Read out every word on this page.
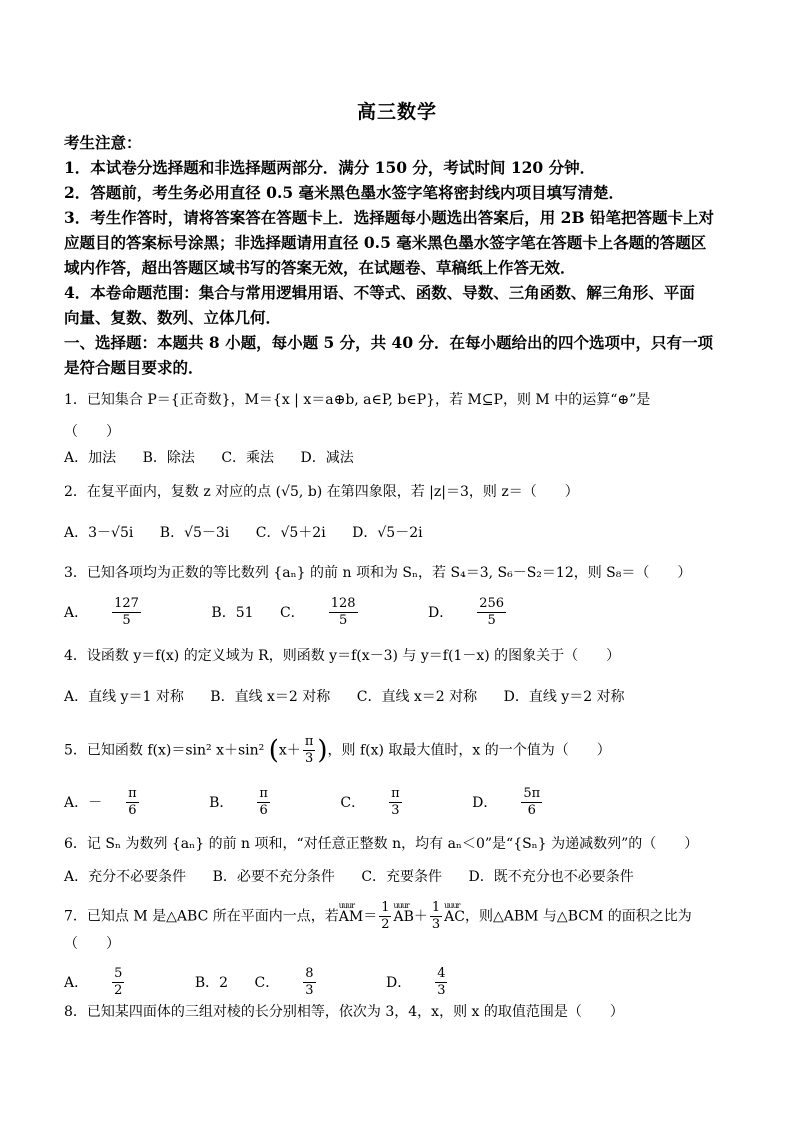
高三数学
考生注意：
1．本试卷分选择题和非选择题两部分．满分 150 分，考试时间 120 分钟．
2．答题前，考生务必用直径 0.5 毫米黑色墨水签字笔将密封线内项目填写清楚．
3．考生作答时，请将答案答在答题卡上．选择题每小题选出答案后，用 2B 铅笔把答题卡上对
应题目的答案标号涂黑；非选择题请用直径 0.5 毫米黑色墨水签字笔在答题卡上各题的答题区
域内作答，超出答题区域书写的答案无效，在试题卷、草稿纸上作答无效．
4．本卷命题范围：集合与常用逻辑用语、不等式、函数、导数、三角函数、解三角形、平面
向量、复数、数列、立体几何．
一、选择题：本题共 8 小题，每小题 5 分，共 40 分．在每小题给出的四个选项中，只有一项
是符合题目要求的．
1．已知集合 P＝{正奇数}，M＝{x | x＝a⊕b, a∈P, b∈P}，若 M⊆P，则 M 中的运算“⊕”是
（　　）
A．加法 B．除法 C．乘法 D．减法
2．在复平面内，复数 z 对应的点 (√5, b) 在第四象限，若 |z|＝3，则 z＝（　　）
A．3－√5i B．√5－3i C．√5＋2i D．√5－2i
3．已知各项均为正数的等比数列 {aₙ} 的前 n 项和为 Sₙ，若 S₄＝3, S₆－S₂＝12，则 S₈＝（　　）
A． $\frac{127}{5}$	B．51 C． $\frac{128}{5}$	D． $\frac{256}{5}$
4．设函数 y＝f(x) 的定义域为 R，则函数 y＝f(x－3) 与 y＝f(1－x) 的图象关于（　　）
A．直线 y＝1 对称 B．直线 x＝2 对称 C．直线 x＝2 对称 D．直线 y＝2 对称
5．已知函数 f(x)＝sin² x＋sin² ($x+ \frac{\pi}{3}$ )，则 f(x) 取最大值时，x 的一个值为（　　）
A．－ $\frac{\pi}{6}$	B． $\frac{\pi}{6}$	C． $\frac{\pi}{3}$	D． $\frac{5\pi}{6}$
6．记 Sₙ 为数列 {aₙ} 的前 n 项和，“对任意正整数 n，均有 aₙ＜0”是“{Sₙ} 为递减数列”的（　　）
A．充分不必要条件 B．必要不充分条件 C．充要条件 D．既不充分也不必要条件
7．已知点 M 是△ABC 所在平面内一点，若uuur $AM= \frac{1}{2}$ uuur $AB+ \frac{1}{3}$ uuur AC，则△ABM 与△BCM 的面积之比为
（　　）
A． $\frac{5}{2}$	B．2 C． $\frac{8}{3}$	D． $\frac{4}{3}$
8．已知某四面体的三组对棱的长分别相等，依次为 3，4，x，则 x 的取值范围是（　　）
